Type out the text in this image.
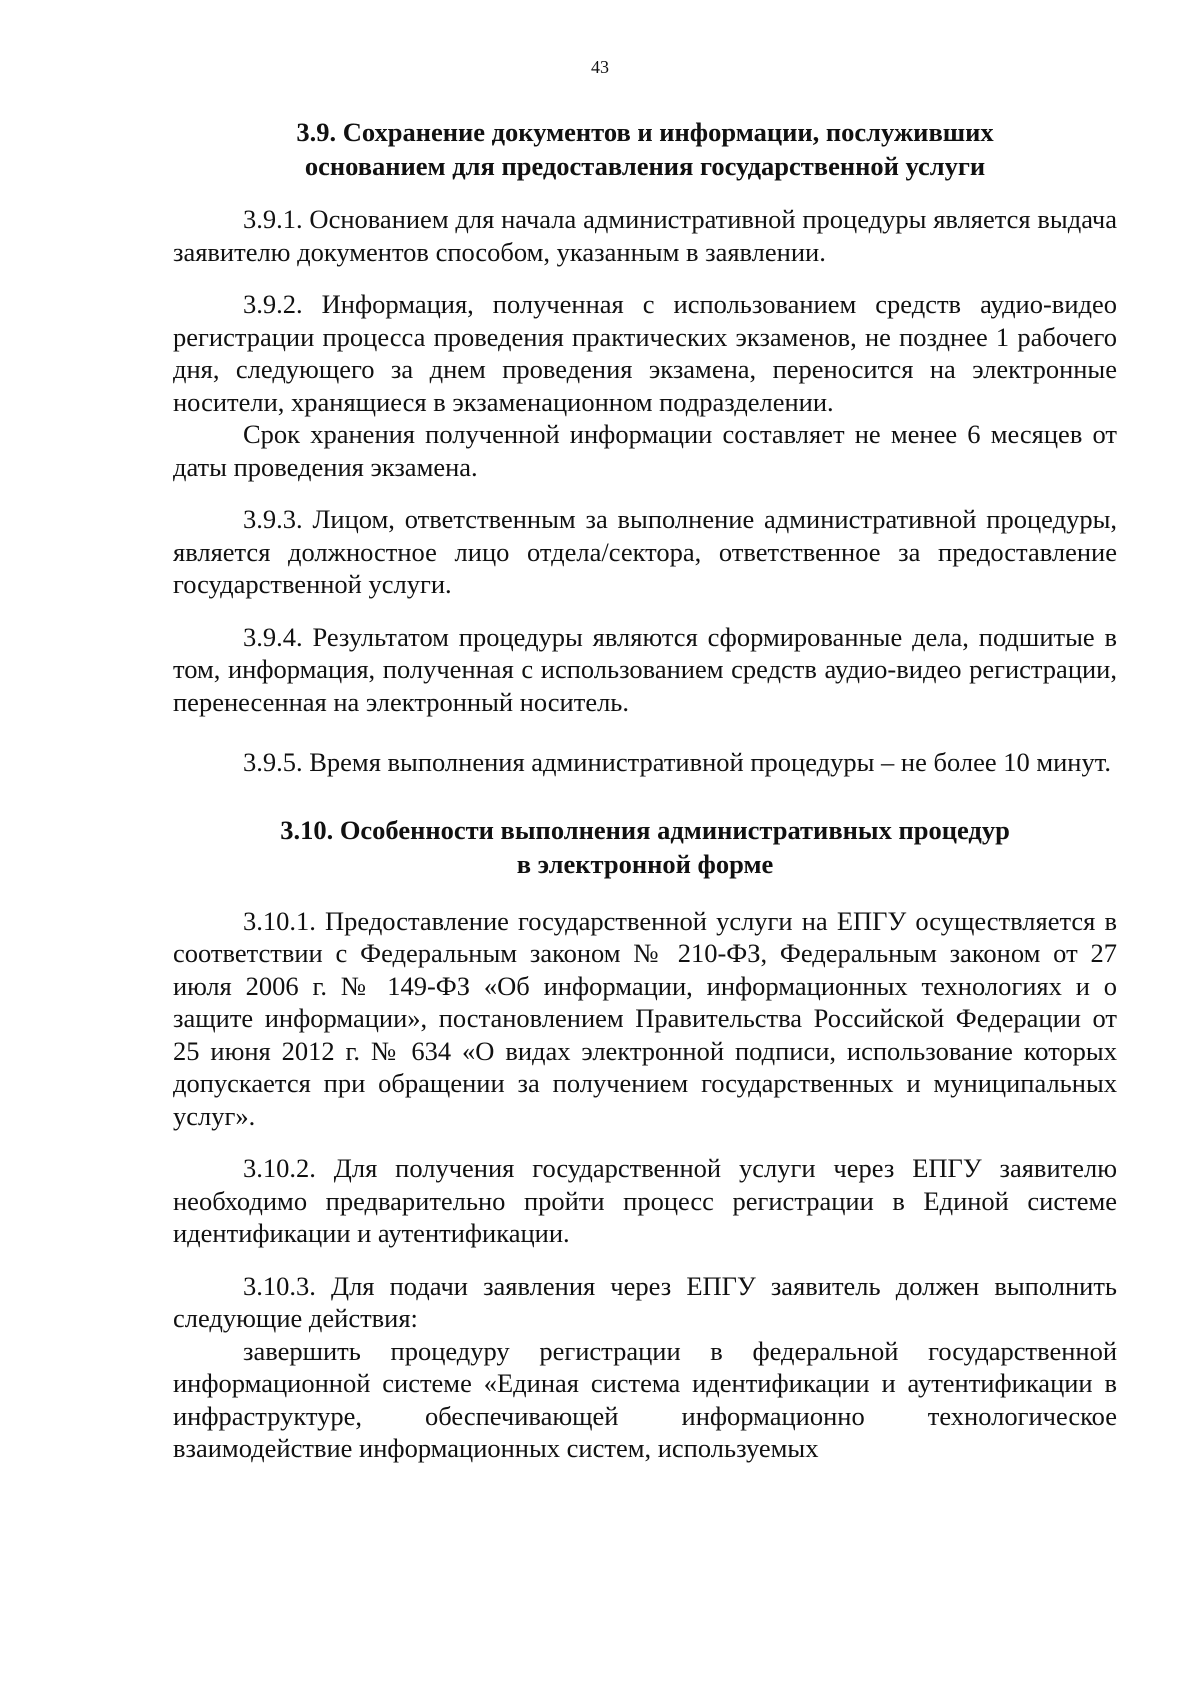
43
3.9. Сохранение документов и информации, послуживших
основанием для предоставления государственной услуги

3.9.1. Основанием для начала административной процедуры является выдача заявителю документов способом, указанным в заявлении.

3.9.2. Информация, полученная с использованием средств аудио-видео регистрации процесса проведения практических экзаменов, не позднее 1 рабочего дня, следующего за днем проведения экзамена, переносится на электронные носители, хранящиеся в экзаменационном подразделении.

Срок хранения полученной информации составляет не менее 6 месяцев от даты проведения экзамена.

3.9.3. Лицом, ответственным за выполнение административной процедуры, является должностное лицо отдела/сектора, ответственное за предоставление государственной услуги.

3.9.4. Результатом процедуры являются сформированные дела, подшитые в том, информация, полученная с использованием средств аудио-видео регистрации, перенесенная на электронный носитель.

3.9.5. Время выполнения административной процедуры – не более 10 минут.

3.10. Особенности выполнения административных процедур
в электронной форме

3.10.1. Предоставление государственной услуги на ЕПГУ осуществляется в соответствии с Федеральным законом № 210-ФЗ, Федеральным законом от 27 июля 2006 г. № 149-ФЗ «Об информации, информационных технологиях и о защите информации», постановлением Правительства Российской Федерации от 25 июня 2012 г. № 634 «О видах электронной подписи, использование которых допускается при обращении за получением государственных и муниципальных услуг».

3.10.2. Для получения государственной услуги через ЕПГУ заявителю необходимо предварительно пройти процесс регистрации в Единой системе идентификации и аутентификации.

3.10.3. Для подачи заявления через ЕПГУ заявитель должен выполнить следующие действия:

завершить процедуру регистрации в федеральной государственной информационной системе «Единая система идентификации и аутентификации в инфраструктуре, обеспечивающей информационно технологическое взаимодействие информационных систем, используемых
